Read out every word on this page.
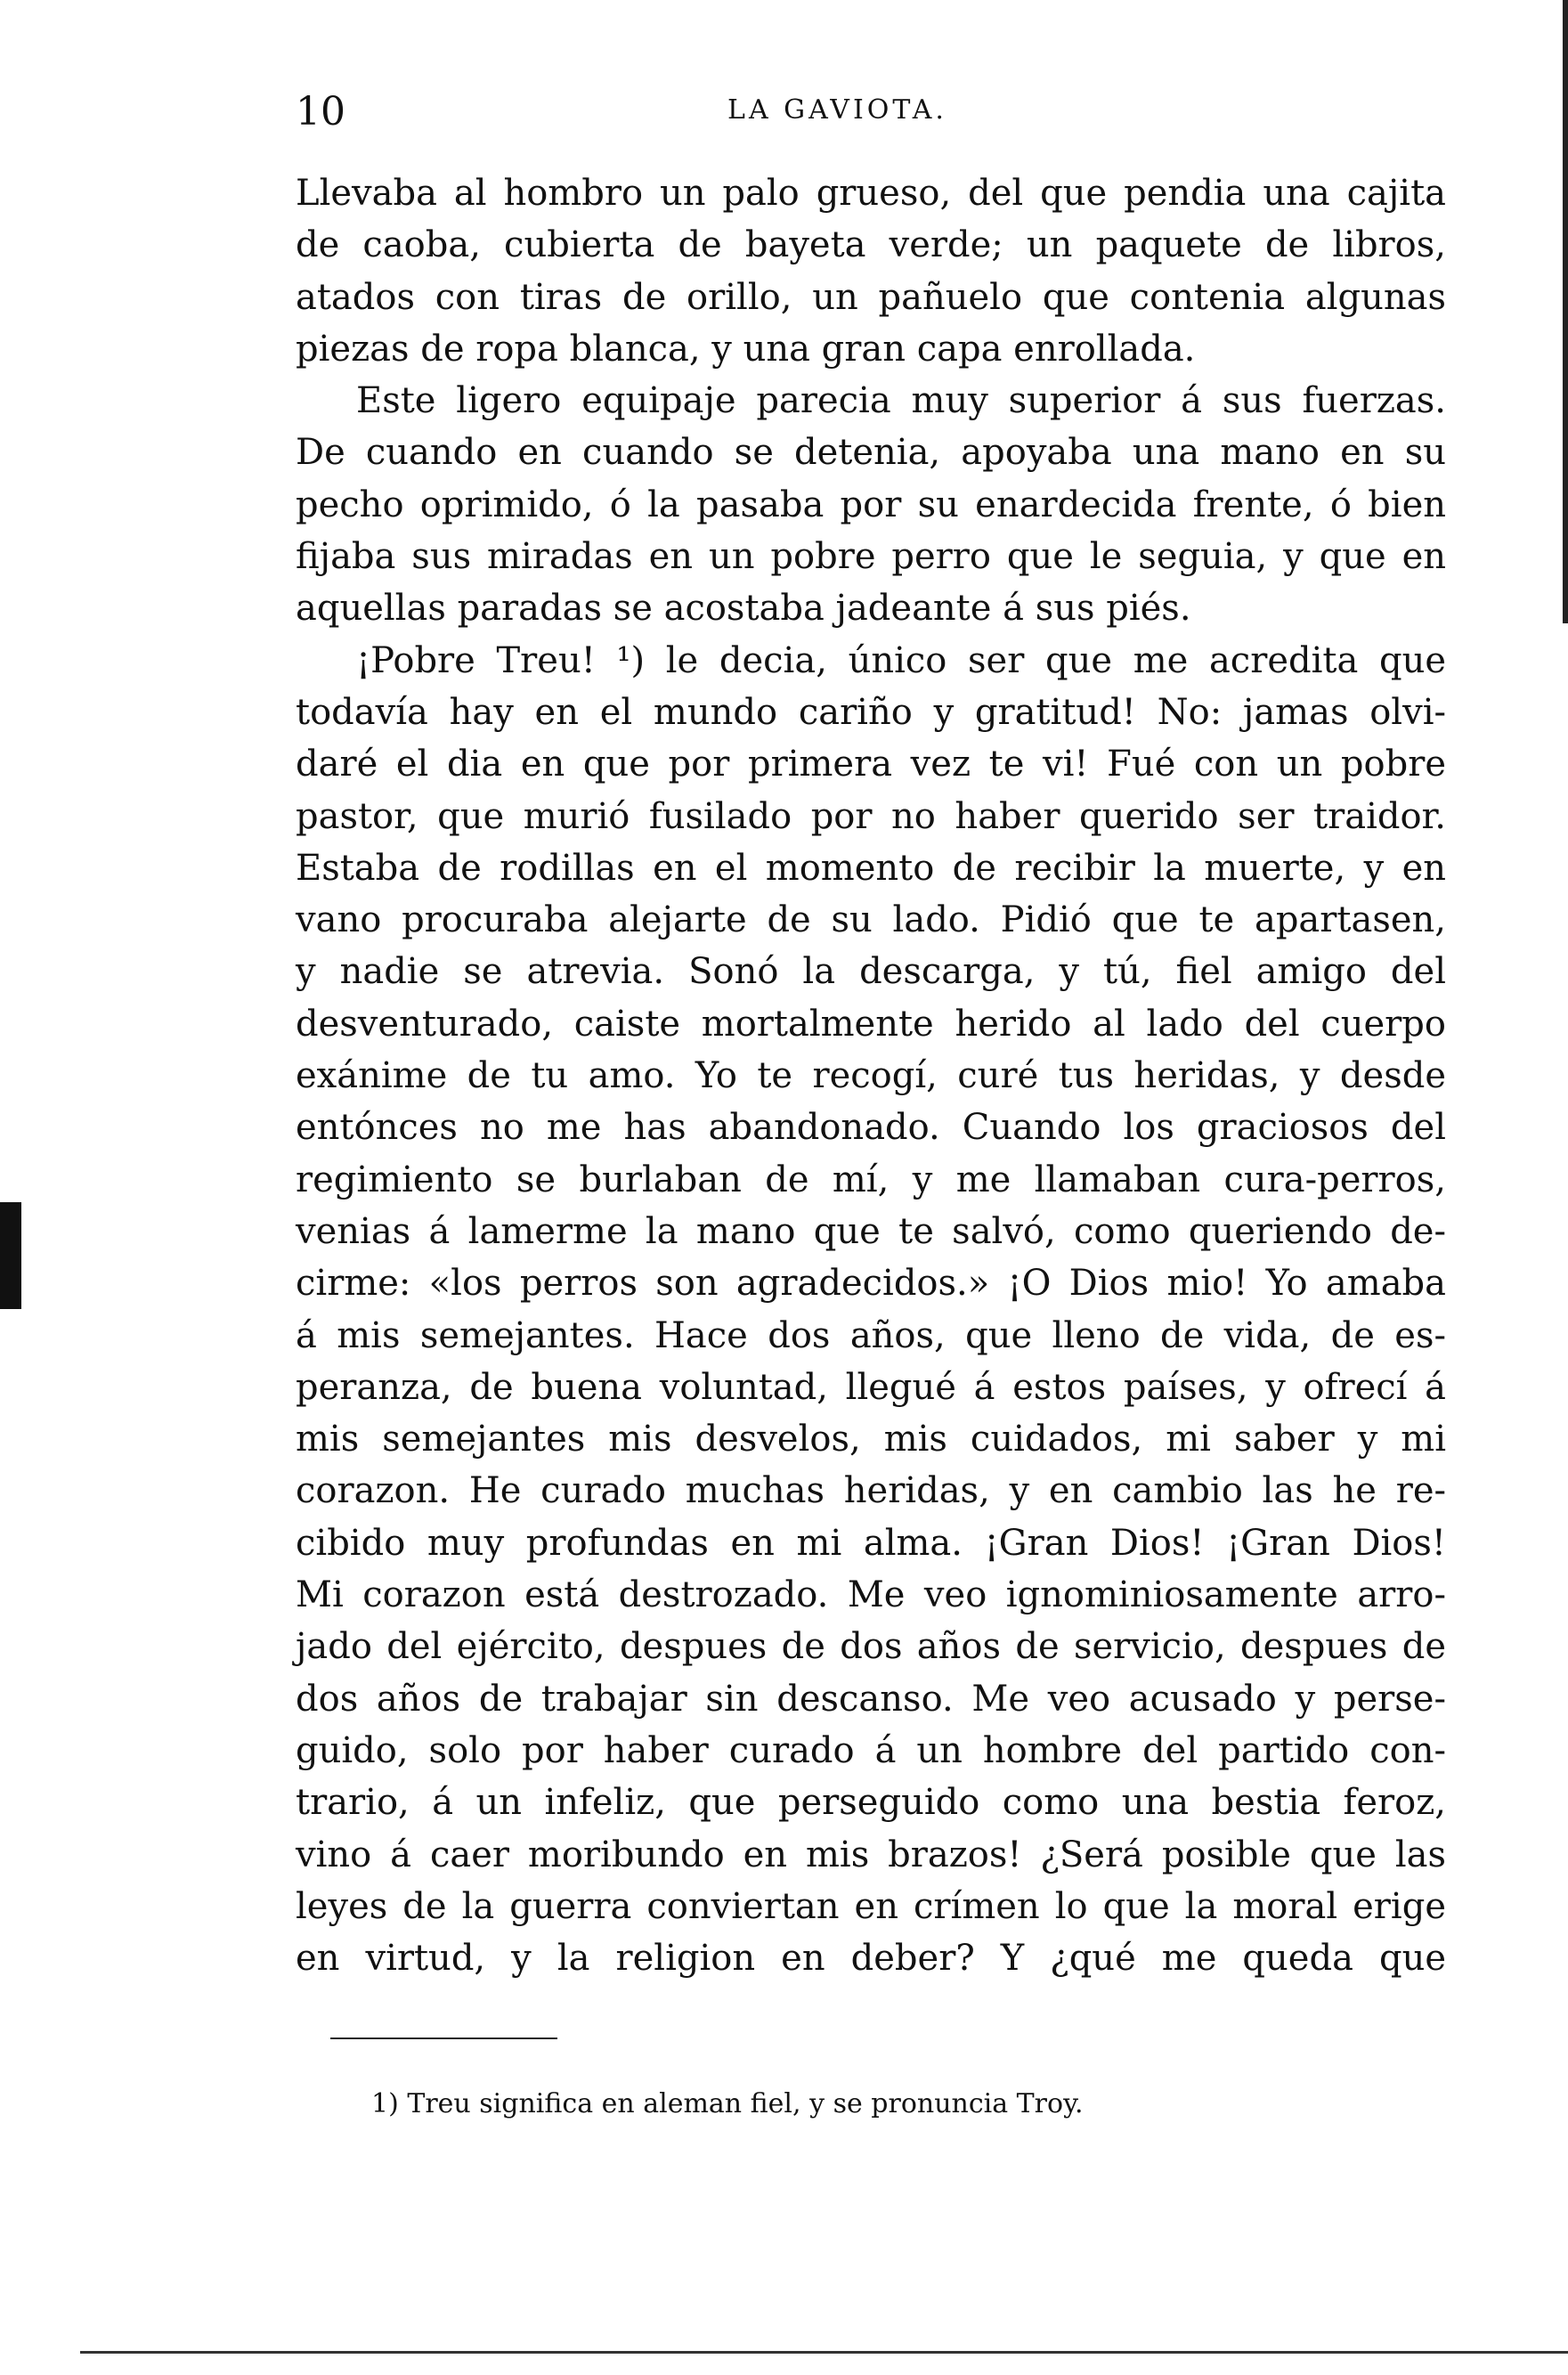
10	LA GAVIOTA.
Llevaba al hombro un palo grueso, del que pendia una cajita
de caoba, cubierta de bayeta verde; un paquete de libros,
atados con tiras de orillo, un pañuelo que contenia algunas
piezas de ropa blanca, y una gran capa enrollada.
Este ligero equipaje parecia muy superior á sus fuerzas.
De cuando en cuando se detenia, apoyaba una mano en su
pecho oprimido, ó la pasaba por su enardecida frente, ó bien
fijaba sus miradas en un pobre perro que le seguia, y que en
aquellas paradas se acostaba jadeante á sus piés.
¡Pobre Treu! ¹) le decia, único ser que me acredita que
todavía hay en el mundo cariño y gratitud! No: jamas olvi-
daré el dia en que por primera vez te vi! Fué con un pobre
pastor, que murió fusilado por no haber querido ser traidor.
Estaba de rodillas en el momento de recibir la muerte, y en
vano procuraba alejarte de su lado. Pidió que te apartasen,
y nadie se atrevia. Sonó la descarga, y tú, fiel amigo del
desventurado, caiste mortalmente herido al lado del cuerpo
exánime de tu amo. Yo te recogí, curé tus heridas, y desde
entónces no me has abandonado. Cuando los graciosos del
regimiento se burlaban de mí, y me llamaban cura-perros,
venias á lamerme la mano que te salvó, como queriendo de-
cirme: «los perros son agradecidos.» ¡O Dios mio! Yo amaba
á mis semejantes. Hace dos años, que lleno de vida, de es-
peranza, de buena voluntad, llegué á estos países, y ofrecí á
mis semejantes mis desvelos, mis cuidados, mi saber y mi
corazon. He curado muchas heridas, y en cambio las he re-
cibido muy profundas en mi alma. ¡Gran Dios! ¡Gran Dios!
Mi corazon está destrozado. Me veo ignominiosamente arro-
jado del ejército, despues de dos años de servicio, despues de
dos años de trabajar sin descanso. Me veo acusado y perse-
guido, solo por haber curado á un hombre del partido con-
trario, á un infeliz, que perseguido como una bestia feroz,
vino á caer moribundo en mis brazos! ¿Será posible que las
leyes de la guerra conviertan en crímen lo que la moral erige
en virtud, y la religion en deber? Y ¿qué me queda que
1) Treu significa en aleman fiel, y se pronuncia Troy.
